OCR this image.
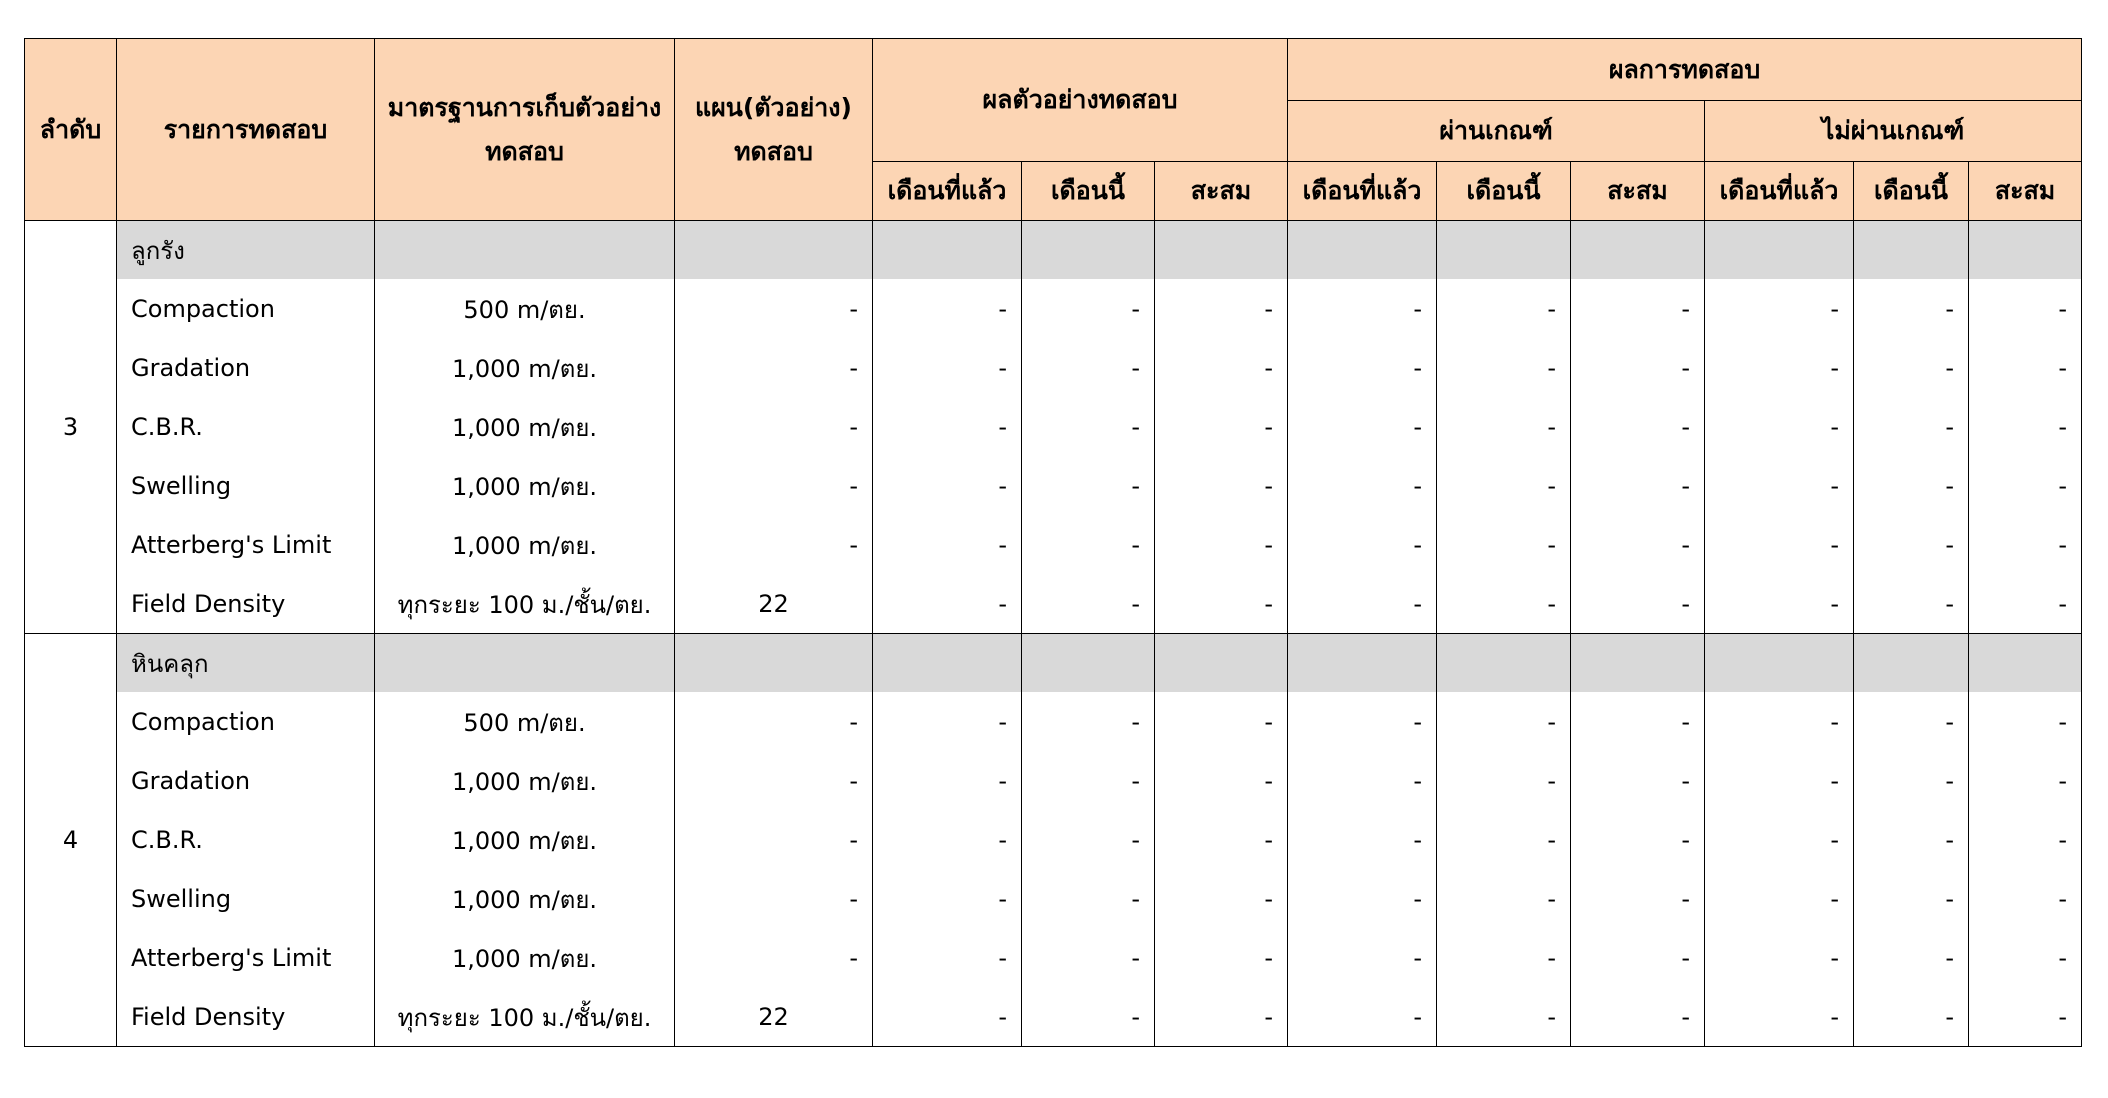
ลำดับ	รายการทดสอบ	มาตรฐานการเก็บตัวอย่าง ทดสอบ	แผน(ตัวอย่าง) ทดสอบ	ผลตัวอย่างทดสอบ			ผลการทดสอบ					
							ผ่านเกณฑ์			ไม่ผ่านเกณฑ์		
				เดือนที่แล้ว	เดือนนี้	สะสม	เดือนที่แล้ว	เดือนนี้	สะสม	เดือนที่แล้ว	เดือนนี้	สะสม
3	ลูกรัง											
	Compaction	500 m/ตย.	-	-	-	-	-	-	-	-	-	-
	Gradation	1,000 m/ตย.	-	-	-	-	-	-	-	-	-	-
	C.B.R.	1,000 m/ตย.	-	-	-	-	-	-	-	-	-	-
	Swelling	1,000 m/ตย.	-	-	-	-	-	-	-	-	-	-
	Atterberg's Limit	1,000 m/ตย.	-	-	-	-	-	-	-	-	-	-
	Field Density	ทุกระยะ 100 ม./ชั้น/ตย.	22	-	-	-	-	-	-	-	-	-
4	หินคลุก											
	Compaction	500 m/ตย.	-	-	-	-	-	-	-	-	-	-
	Gradation	1,000 m/ตย.	-	-	-	-	-	-	-	-	-	-
	C.B.R.	1,000 m/ตย.	-	-	-	-	-	-	-	-	-	-
	Swelling	1,000 m/ตย.	-	-	-	-	-	-	-	-	-	-
	Atterberg's Limit	1,000 m/ตย.	-	-	-	-	-	-	-	-	-	-
	Field Density	ทุกระยะ 100 ม./ชั้น/ตย.	22	-	-	-	-	-	-	-	-	-
